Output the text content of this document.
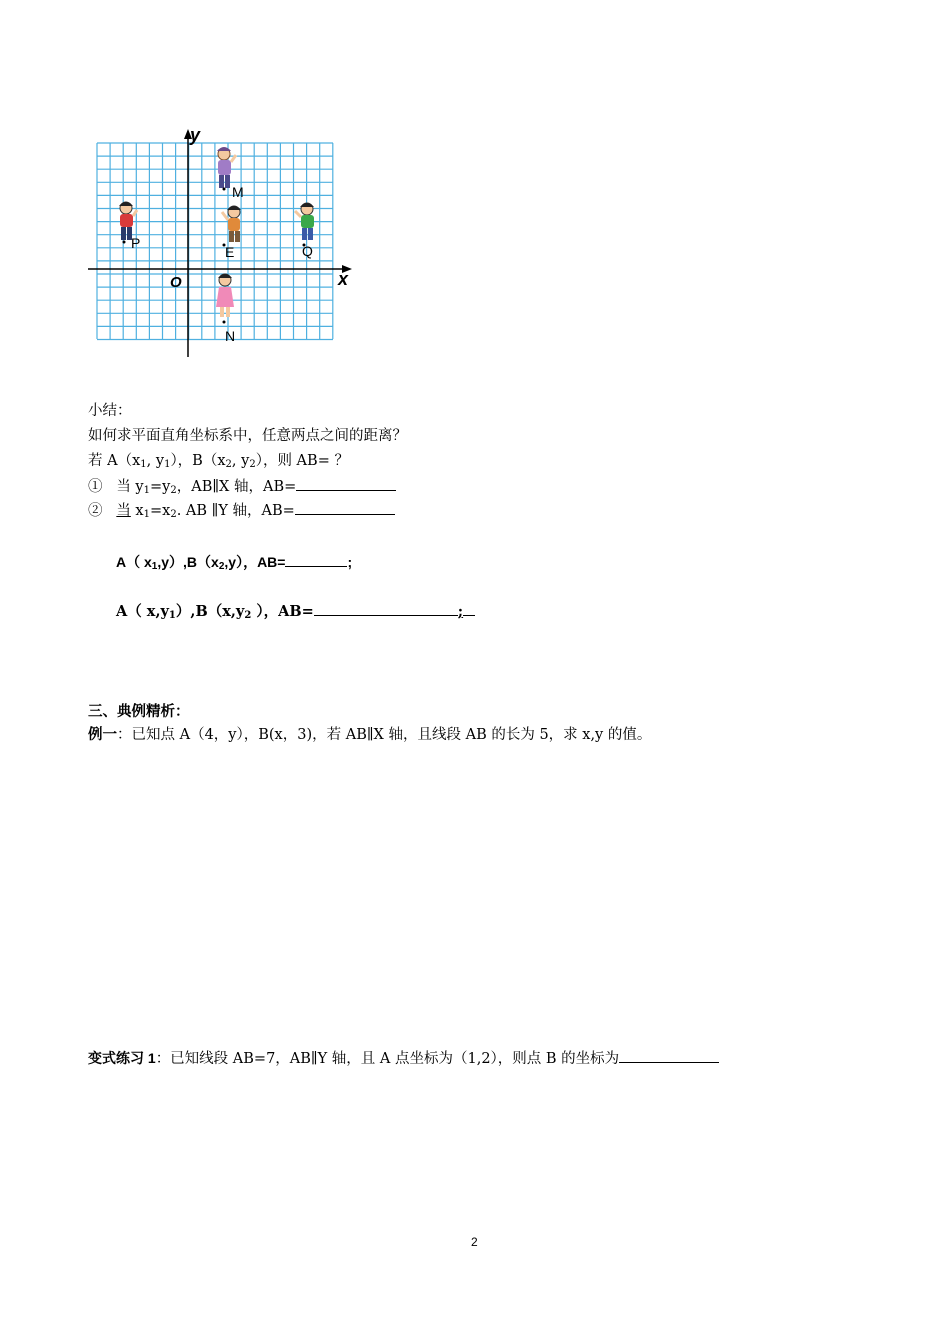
x
y
O
M
E	Q
P
N
小结：
如何求平面直角坐标系中，任意两点之间的距离？
若 $A(x_1$, $y_1$），$B(x_2$, $y_2$），则 AB= ？
① 当 $y_1=y_2$，AB∥X 轴，AB=
② 当 $x_1=x_2$. AB ∥Y 轴，AB=
A（ $x_1,y),B(x_2,y)$，AB=	;
A（ $x,y_1),B(x,y_2$ ），AB=	;
三、典例精析：
例一：已知点 A（4，y），B(x，3)，若 AB∥X 轴，且线段 AB 的长为 5，求 x,y 的值。
变式练习 1：已知线段 AB=7，AB∥Y 轴，且 A 点坐标为（1,2），则点 B 的坐标为
2
